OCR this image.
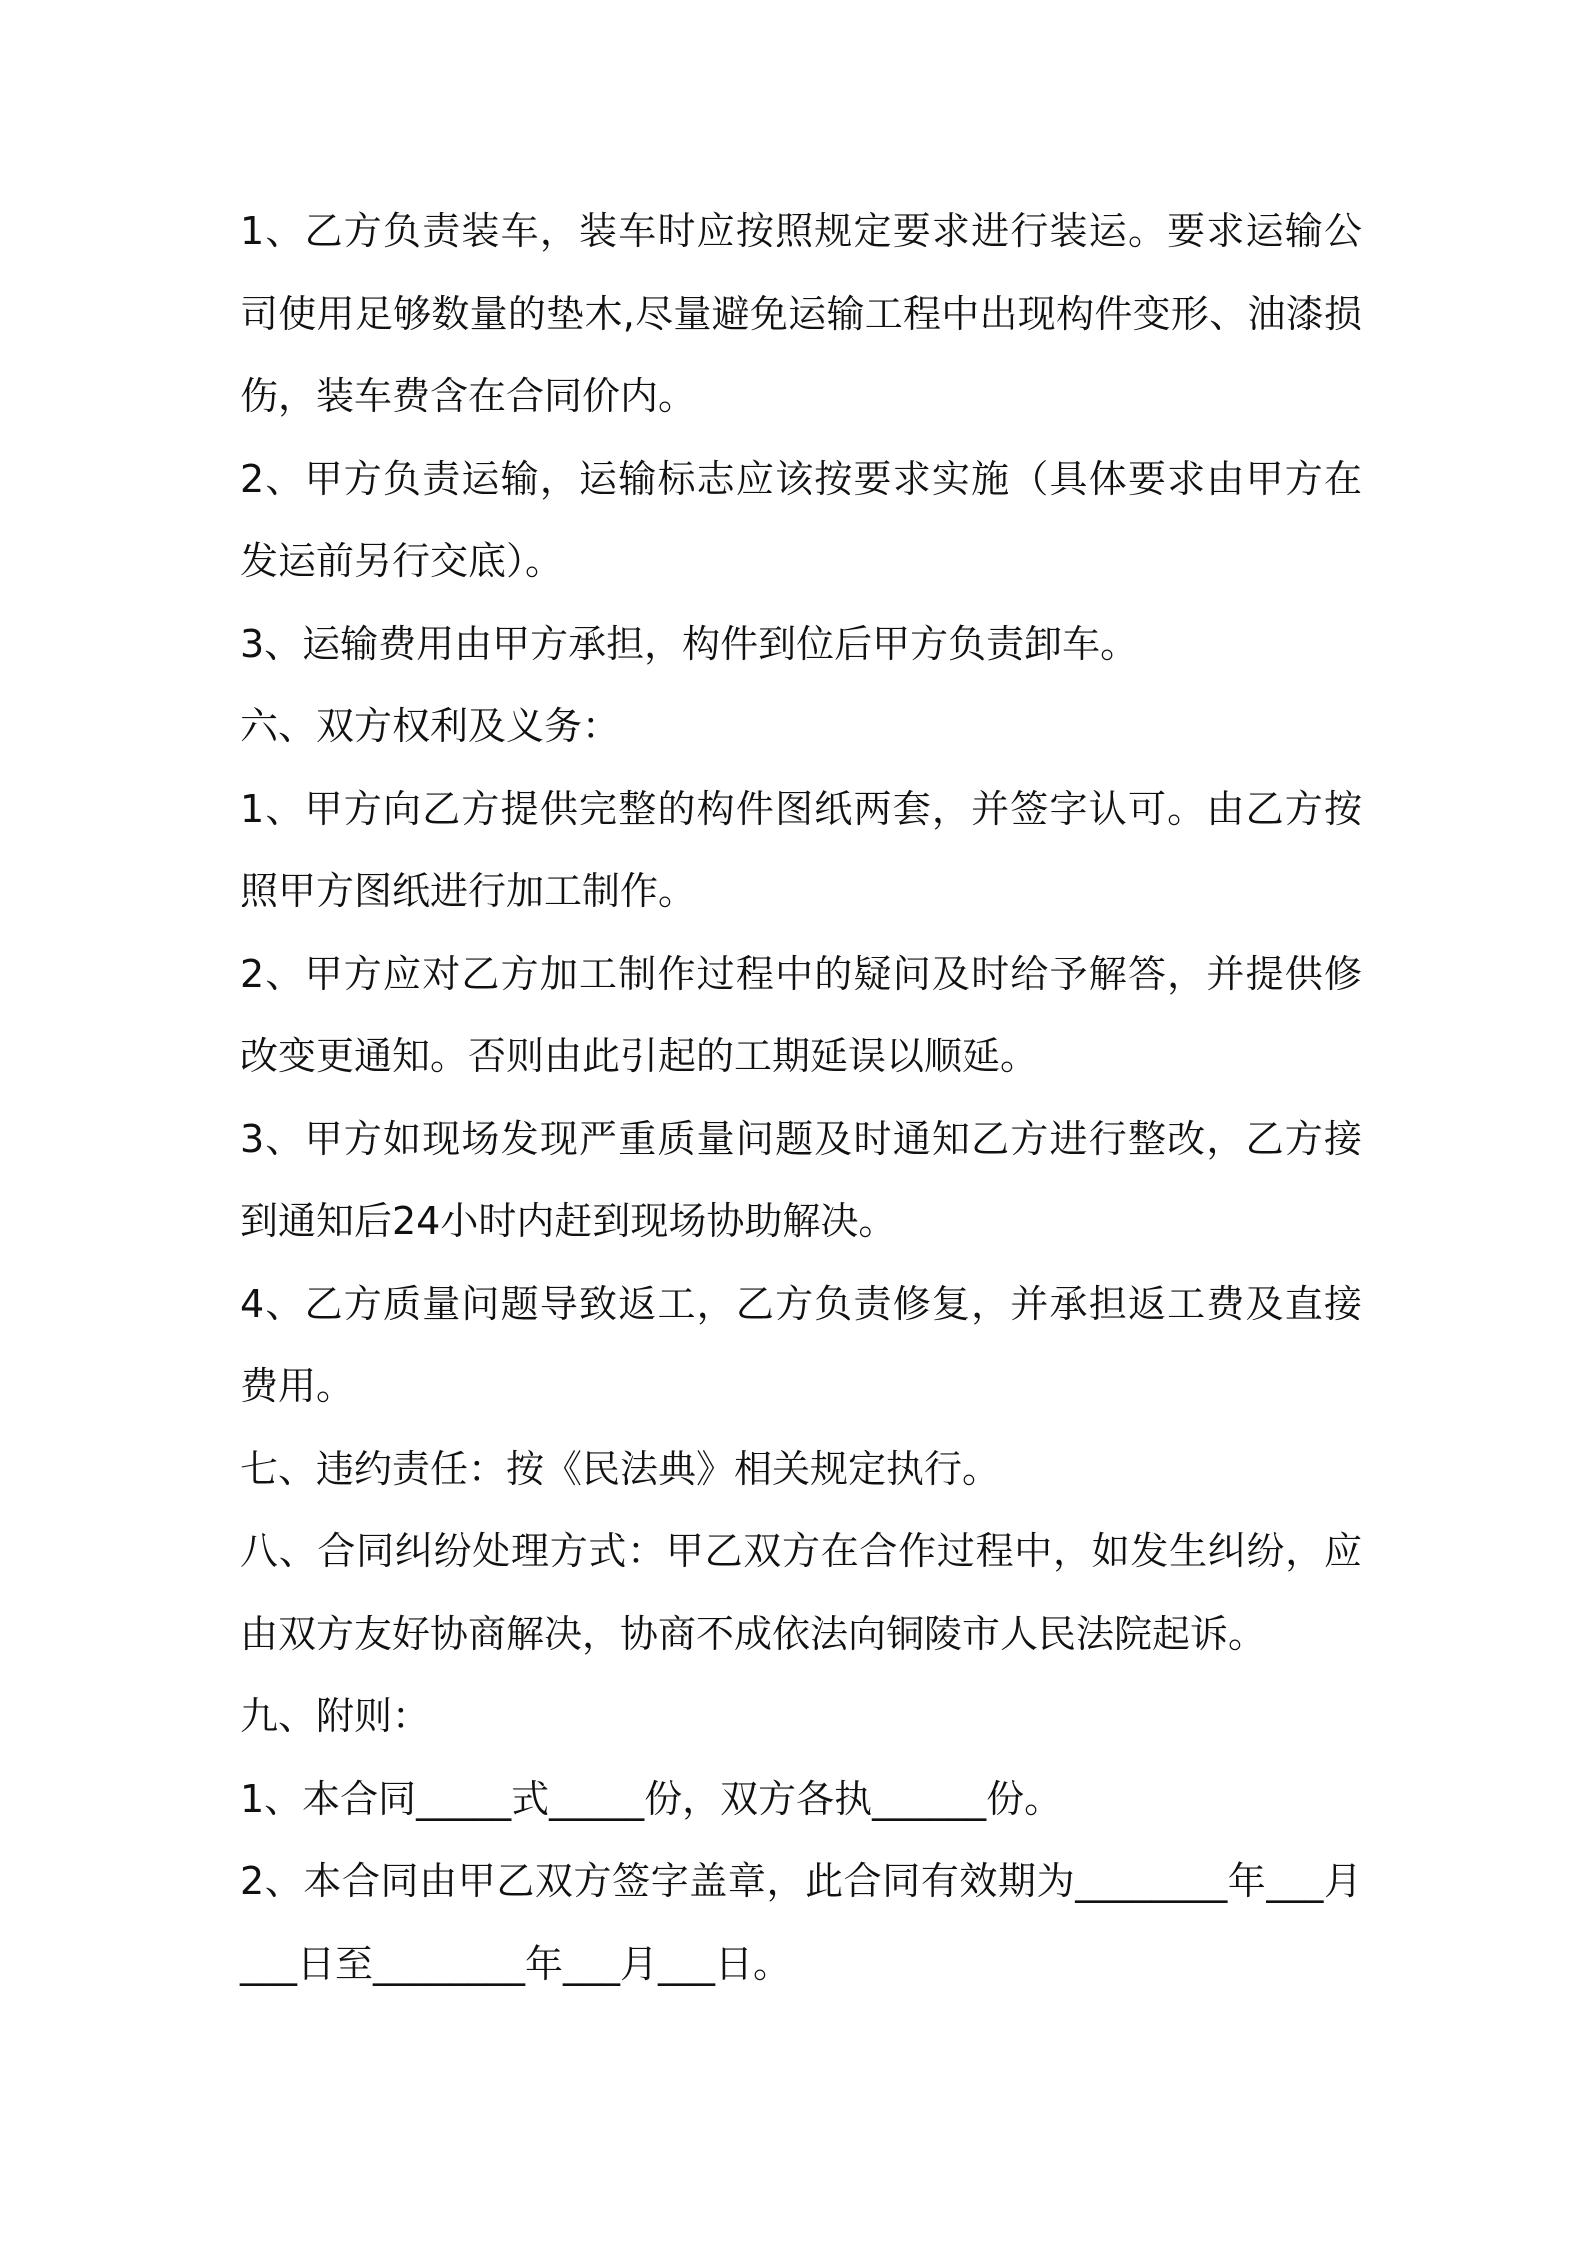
1、乙方负责装车，装车时应按照规定要求进行装运。要求运输公司使用足够数量的垫木,尽量避免运输工程中出现构件变形、油漆损伤，装车费含在合同价内。

2、甲方负责运输，运输标志应该按要求实施（具体要求由甲方在发运前另行交底）。

3、运输费用由甲方承担，构件到位后甲方负责卸车。

六、双方权利及义务：

1、甲方向乙方提供完整的构件图纸两套，并签字认可。由乙方按照甲方图纸进行加工制作。

2、甲方应对乙方加工制作过程中的疑问及时给予解答，并提供修改变更通知。否则由此引起的工期延误以顺延。

3、甲方如现场发现严重质量问题及时通知乙方进行整改，乙方接到通知后24小时内赶到现场协助解决。

4、乙方质量问题导致返工，乙方负责修复，并承担返工费及直接费用。

七、违约责任：按《民法典》相关规定执行。

八、合同纠纷处理方式：甲乙双方在合作过程中，如发生纠纷，应由双方友好协商解决，协商不成依法向铜陵市人民法院起诉。

九、附则：

1、本合同_____式_____份，双方各执______份。

2、本合同由甲乙双方签字盖章，此合同有效期为________年___月___日至________年___月___日。
